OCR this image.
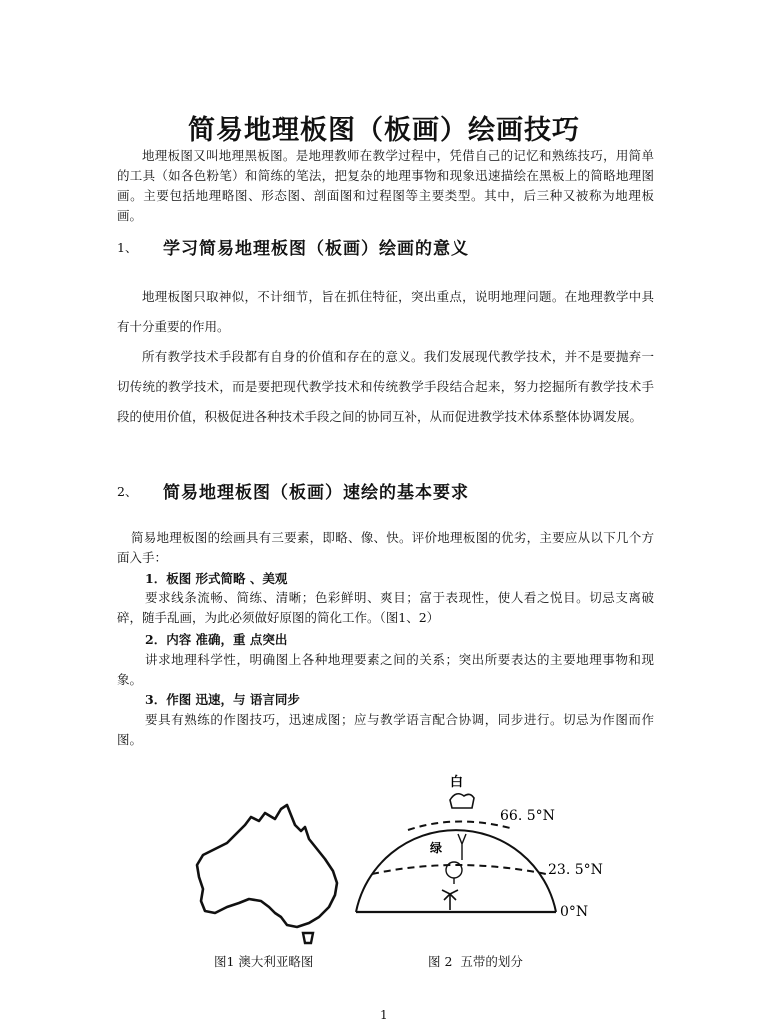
简易地理板图（板画）绘画技巧
地理板图又叫地理黑板图。是地理教师在教学过程中，凭借自己的记忆和熟练技巧，用简单的工具（如各色粉笔）和简练的笔法，把复杂的地理事物和现象迅速描绘在黑板上的简略地理图画。主要包括地理略图、形态图、剖面图和过程图等主要类型。其中，后三种又被称为地理板画。
1、 学习简易地理板图（板画）绘画的意义
地理板图只取神似，不计细节，旨在抓住特征，突出重点，说明地理问题。在地理教学中具有十分重要的作用。
所有教学技术手段都有自身的价值和存在的意义。我们发展现代教学技术，并不是要抛弃一切传统的教学技术，而是要把现代教学技术和传统教学手段结合起来，努力挖掘所有教学技术手段的使用价值，积极促进各种技术手段之间的协同互补，从而促进教学技术体系整体协调发展。
2、 简易地理板图（板画）速绘的基本要求
简易地理板图的绘画具有三要素，即略、像、快。评价地理板图的优劣，主要应从以下几个方面入手：
1．板图 形式简略 、美观
要求线条流畅、简练、清晰；色彩鲜明、爽目；富于表现性，使人看之悦目。切忌支离破碎，随手乱画，为此必须做好原图的简化工作。（图1、2）
2．内容 准确，重 点突出
讲求地理科学性，明确图上各种地理要素之间的关系；突出所要表达的主要地理事物和现象。
3．作图 迅速，与 语言同步
要具有熟练的作图技巧，迅速成图；应与教学语言配合协调，同步进行。切忌为作图而作图。
白
绿
66. 5°N
23. 5°N
0°N
图1 澳大利亚略图	图 2  五带的划分
1
